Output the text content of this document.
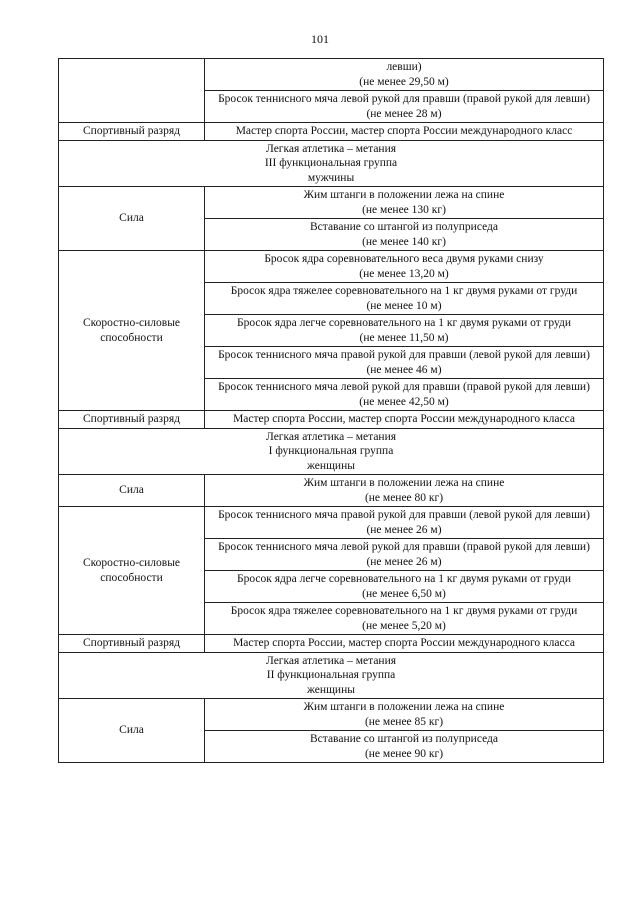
101

	левши)
(не менее 29,50 м)

	Бросок теннисного мяча левой рукой для правши (правой рукой для левши)
(не менее 28 м)

Спортивный разряд	Мастер спорта России, мастер спорта России международного класс

Легкая атлетика – метания
III функциональная группа
мужчины	

Сила	Жим штанги в положении лежа на спине
(не менее 130 кг)

	Вставание со штангой из полуприседа
(не менее 140 кг)

Скоростно-силовые способности	Бросок ядра соревновательного веса двумя руками снизу
(не менее 13,20 м)

	Бросок ядра тяжелее соревновательного на 1 кг двумя руками от груди
(не менее 10 м)

	Бросок ядра легче соревновательного на 1 кг двумя руками от груди
(не менее 11,50 м)

	Бросок теннисного мяча правой рукой для правши (левой рукой для левши)
(не менее 46 м)

	Бросок теннисного мяча левой рукой для правши (правой рукой для левши)
(не менее 42,50 м)

Спортивный разряд	Мастер спорта России, мастер спорта России международного класса

Легкая атлетика – метания
I функциональная группа
женщины	

Сила	Жим штанги в положении лежа на спине
(не менее 80 кг)

Скоростно-силовые способности	Бросок теннисного мяча правой рукой для правши (левой рукой для левши)
(не менее 26 м)

	Бросок теннисного мяча левой рукой для правши (правой рукой для левши)
(не менее 26 м)

	Бросок ядра легче соревновательного на 1 кг двумя руками от груди
(не менее 6,50 м)

	Бросок ядра тяжелее соревновательного на 1 кг двумя руками от груди
(не менее 5,20 м)

Спортивный разряд	Мастер спорта России, мастер спорта России международного класса

Легкая атлетика – метания
II функциональная группа
женщины	

Сила	Жим штанги в положении лежа на спине
(не менее 85 кг)

	Вставание со штангой из полуприседа
(не менее 90 кг)
